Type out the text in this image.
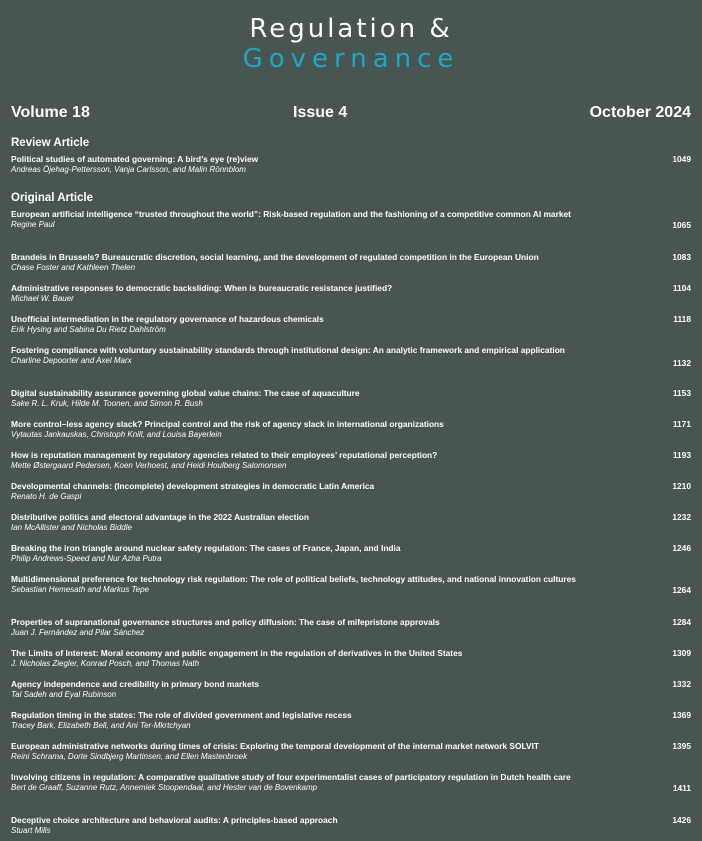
Regulation &
Governance
Volume 18	Issue 4	October 2024
Review Article
Political studies of automated governing: A bird’s eye (re)view
Andreas Öjehag-Pettersson, Vanja Carlsson, and Malin Rönnblom
1049
Original Article
European artificial intelligence “trusted throughout the world”: Risk-based regulation and the fashioning of a competitive common AI market
Regine Paul	1065
Brandeis in Brussels? Bureaucratic discretion, social learning, and the development of regulated competition in the European Union
Chase Foster and Kathleen Thelen
1083
Administrative responses to democratic backsliding: When is bureaucratic resistance justified?
Michael W. Bauer
1104
Unofficial intermediation in the regulatory governance of hazardous chemicals
Erik Hysing and Sabina Du Rietz Dahlström
1118
Fostering compliance with voluntary sustainability standards through institutional design: An analytic framework and empirical application
Charline Depoorter and Axel Marx	1132
Digital sustainability assurance governing global value chains: The case of aquaculture
Sake R. L. Kruk, Hilde M. Toonen, and Simon R. Bush
1153
More control–less agency slack? Principal control and the risk of agency slack in international organizations
Vytautas Jankauskas, Christoph Knill, and Louisa Bayerlein
1171
How is reputation management by regulatory agencies related to their employees’ reputational perception?
Mette Østergaard Pedersen, Koen Verhoest, and Heidi Houlberg Salomonsen
1193
Developmental channels: (Incomplete) development strategies in democratic Latin America
Renato H. de Gaspi
1210
Distributive politics and electoral advantage in the 2022 Australian election
Ian McAllister and Nicholas Biddle
1232
Breaking the iron triangle around nuclear safety regulation: The cases of France, Japan, and India
Philip Andrews-Speed and Nur Azha Putra
1246
Multidimensional preference for technology risk regulation: The role of political beliefs, technology attitudes, and national innovation cultures
Sebastian Hemesath and Markus Tepe	1264
Properties of supranational governance structures and policy diffusion: The case of mifepristone approvals
Juan J. Fernández and Pilar Sánchez
1284
The Limits of Interest: Moral economy and public engagement in the regulation of derivatives in the United States
J. Nicholas Ziegler, Konrad Posch, and Thomas Nath
1309
Agency independence and credibility in primary bond markets
Tal Sadeh and Eyal Rubinson
1332
Regulation timing in the states: The role of divided government and legislative recess
Tracey Bark, Elizabeth Bell, and Ani Ter-Mkrtchyan
1369
European administrative networks during times of crisis: Exploring the temporal development of the internal market network SOLVIT
Reini Schrama, Dorte Sindbjerg Martinsen, and Ellen Mastenbroek
1395
Involving citizens in regulation: A comparative qualitative study of four experimentalist cases of participatory regulation in Dutch health care
Bert de Graaff, Suzanne Rutz, Annemiek Stoopendaal, and Hester van de Bovenkamp	1411
Deceptive choice architecture and behavioral audits: A principles-based approach
Stuart Mills
1426
